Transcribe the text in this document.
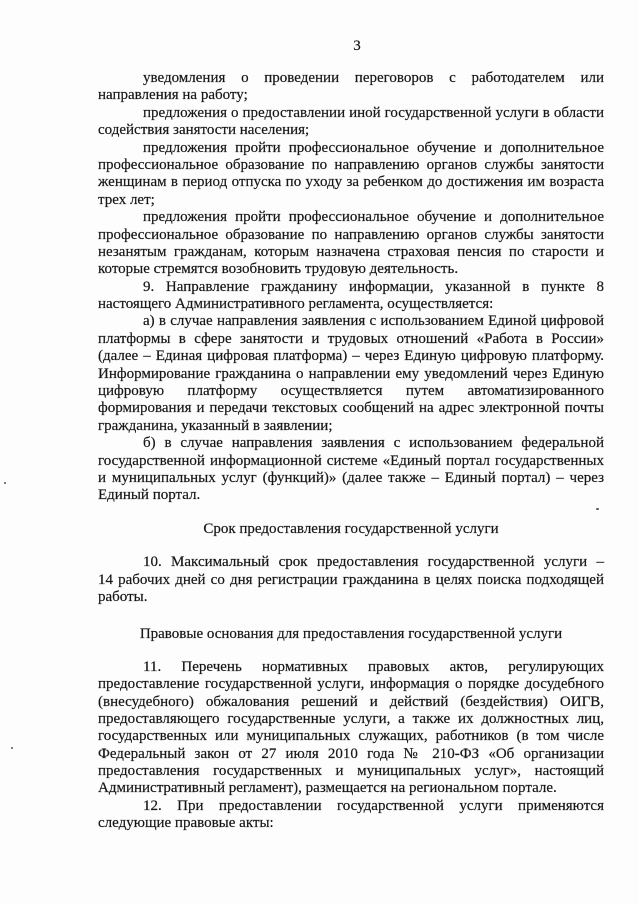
3
уведомления о проведении переговоров с работодателем или
направления на работу;
предложения о предоставлении иной государственной услуги в области
содействия занятости населения;
предложения пройти профессиональное обучение и дополнительное
профессиональное образование по направлению органов службы занятости
женщинам в период отпуска по уходу за ребенком до достижения им возраста
трех лет;
предложения пройти профессиональное обучение и дополнительное
профессиональное образование по направлению органов службы занятости
незанятым гражданам, которым назначена страховая пенсия по старости и
которые стремятся возобновить трудовую деятельность.
9. Направление гражданину информации, указанной в пункте 8
настоящего Административного регламента, осуществляется:
а) в случае направления заявления с использованием Единой цифровой
платформы в сфере занятости и трудовых отношений «Работа в России»
(далее – Единая цифровая платформа) – через Единую цифровую платформу.
Информирование гражданина о направлении ему уведомлений через Единую
цифровую платформу осуществляется путем автоматизированного
формирования и передачи текстовых сообщений на адрес электронной почты
гражданина, указанный в заявлении;
б) в случае направления заявления с использованием федеральной
государственной информационной системе «Единый портал государственных
и муниципальных услуг (функций)» (далее также – Единый портал) – через
Единый портал.
Срок предоставления государственной услуги
10. Максимальный срок предоставления государственной услуги –
14 рабочих дней со дня регистрации гражданина в целях поиска подходящей
работы.
Правовые основания для предоставления государственной услуги
11. Перечень нормативных правовых актов, регулирующих
предоставление государственной услуги, информация о порядке досудебного
(внесудебного) обжалования решений и действий (бездействия) ОИГВ,
предоставляющего государственные услуги, а также их должностных лиц,
государственных или муниципальных служащих, работников (в том числе
Федеральный закон от 27 июля 2010 года № 210-ФЗ «Об организации
предоставления государственных и муниципальных услуг», настоящий
Административный регламент), размещается на региональном портале.
12. При предоставлении государственной услуги применяются
следующие правовые акты:
